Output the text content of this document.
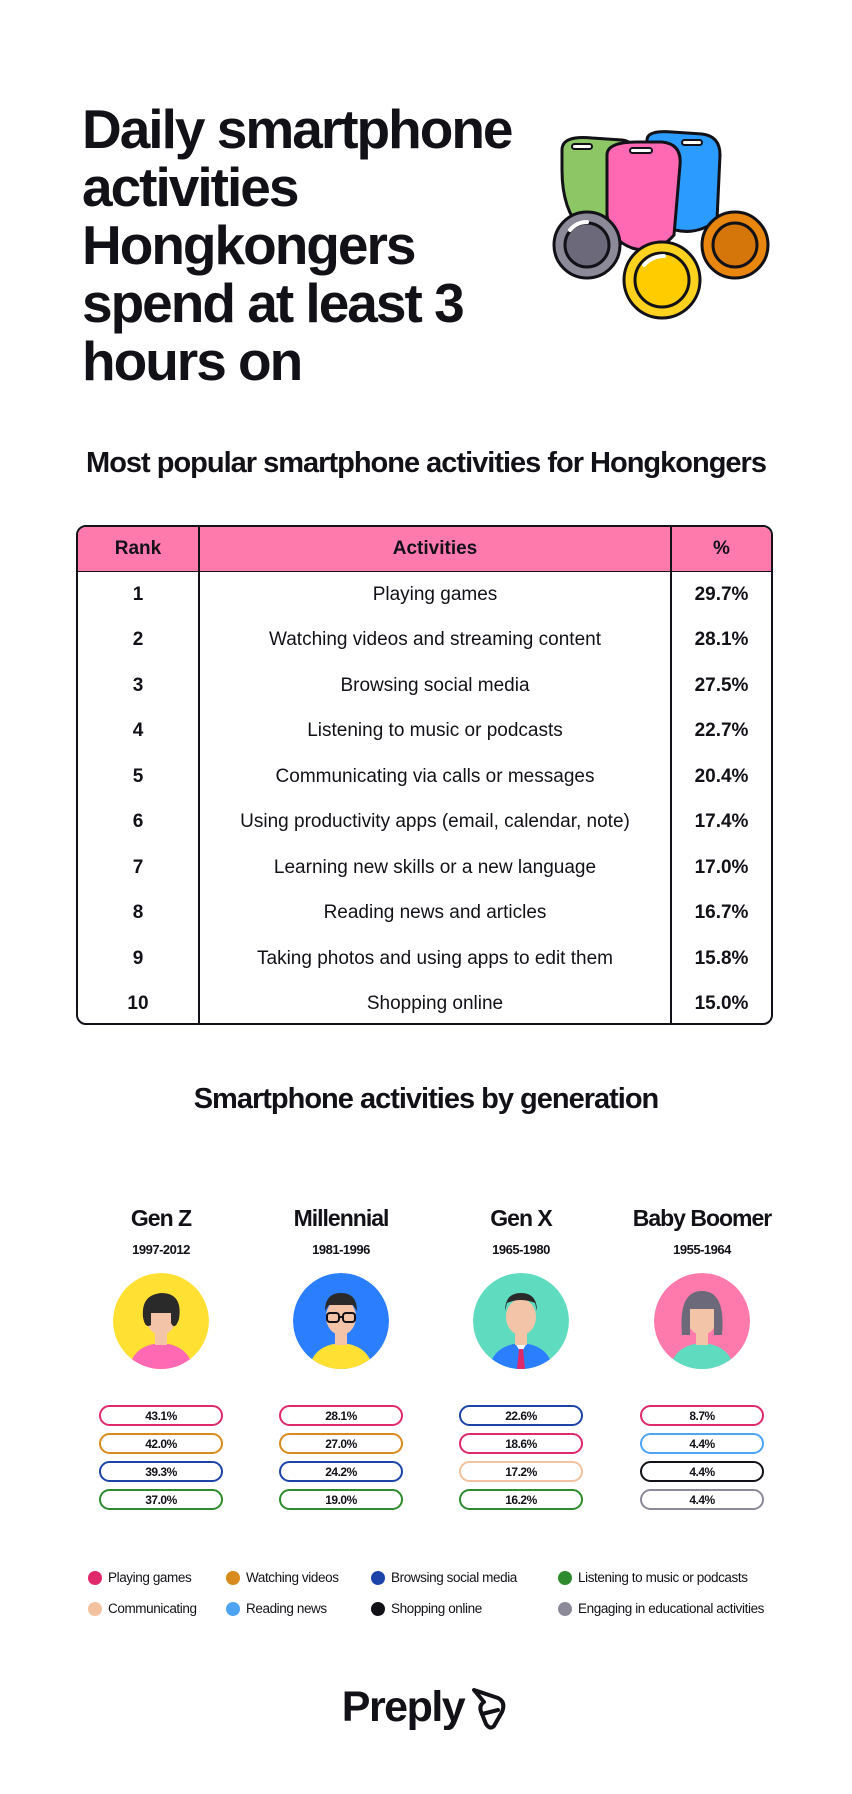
Daily smartphone activities Hongkongers spend at least 3 hours on
Most popular smartphone activities for Hongkongers
Rank	Activities	%
1	Playing games	29.7%
2	Watching videos and streaming content	28.1%
3	Browsing social media	27.5%
4	Listening to music or podcasts	22.7%
5	Communicating via calls or messages	20.4%
6	Using productivity apps (email, calendar, note)	17.4%
7	Learning new skills or a new language	17.0%
8	Reading news and articles	16.7%
9	Taking photos and using apps to edit them	15.8%
10	Shopping online	15.0%
Smartphone activities by generation
Gen Z
1997-2012
43.1%
42.0%
39.3%
37.0%
Millennial
1981-1996
28.1%
27.0%
24.2%
19.0%
Gen X
1965-1980
22.6%
18.6%
17.2%
16.2%
Baby Boomer
1955-1964
8.7%
4.4%
4.4%
4.4%
Playing games	Watching videos	Browsing social media	Listening to music or podcasts
Communicating	Reading news	Shopping online	Engaging in educational activities
Preply
